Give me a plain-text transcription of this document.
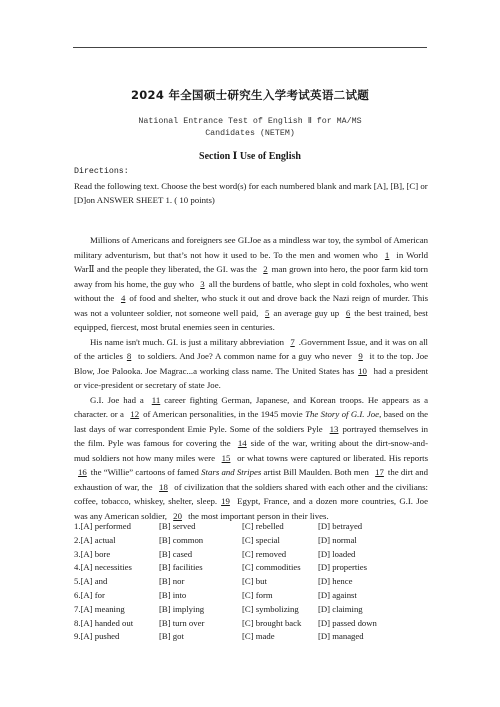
2024 年全国硕士研究生入学考试英语二试题
National Entrance Test of English Ⅱ for MA/MS
Candidates (NETEM)
Section Ⅰ Use of English
Directions:
Read the following text. Choose the best word(s) for each numbered blank and mark [A], [B], [C] or [D]on ANSWER SHEET 1. ( 10 points)

Millions of Americans and foreigners see GI.Joe as a mindless war toy, the symbol of American military adventurism, but that’s not how it used to be. To the men and women who 1 in World WarⅡ and the people they liberated, the GI. was the 2 man grown into hero, the poor farm kid torn away from his home, the guy who 3 all the burdens of battle, who slept in cold foxholes, who went without the 4 of food and shelter, who stuck it out and drove back the Nazi reign of murder. This was not a volunteer soldier, not someone well paid, 5 an average guy up 6 the best trained, best equipped, fiercest, most brutal enemies seen in centuries.

His name isn't much. GI. is just a military abbreviation 7 .Government Issue, and it was on all of the articles 8 to soldiers. And Joe? A common name for a guy who never 9 it to the top. Joe Blow, Joe Palooka. Joe Magrac...a working class name. The United States has 10 had a president or vice-president or secretary of state Joe.

G.I. Joe had a 11 career fighting German, Japanese, and Korean troops. He appears as a character. or a 12 of American personalities, in the 1945 movie The Story of G.I. Joe, based on the last days of war correspondent Emie Pyle. Some of the soldiers Pyle 13 portrayed themselves in the film. Pyle was famous for covering the 14 side of the war, writing about the dirt-snow-and-mud soldiers not how many miles were 15 or what towns were captured or liberated. His reports 16 the “Willie” cartoons of famed Stars and Stripes artist Bill Maulden. Both men 17 the dirt and exhaustion of war, the 18 of civilization that the soldiers shared with each other and the civilians: coffee, tobacco, whiskey, shelter, sleep. 19 Egypt, France, and a dozen more countries, G.I. Joe was any American soldier, 20 the most important person in their lives.

1.[A] performed	[B] served	[C] rebelled	[D] betrayed
2.[A] actual	[B] common	[C] special	[D] normal
3.[A] bore	[B] cased	[C] removed	[D] loaded
4.[A] necessities	[B] facilities	[C] commodities	[D] properties
5.[A] and	[B] nor	[C] but	[D] hence
6.[A] for	[B] into	[C] form	[D] against
7.[A] meaning	[B] implying	[C] symbolizing	[D] claiming
8.[A] handed out	[B] turn over	[C] brought back	[D] passed down
9.[A] pushed	[B] got	[C] made	[D] managed
